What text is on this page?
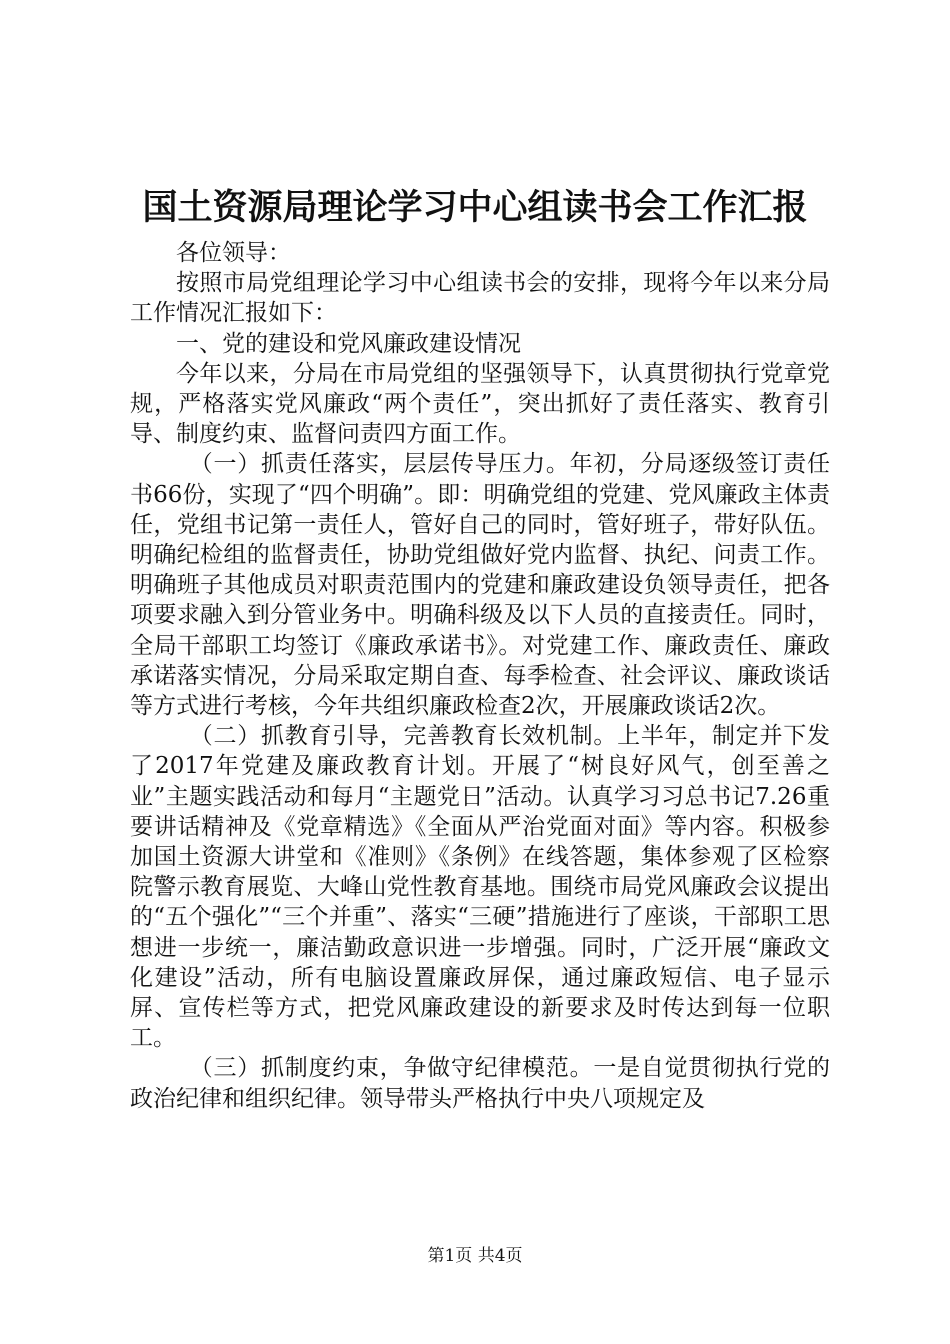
国土资源局理论学习中心组读书会工作汇报

各位领导：

按照市局党组理论学习中心组读书会的安排，现将今年以来分局工作情况汇报如下：

一、党的建设和党风廉政建设情况

今年以来，分局在市局党组的坚强领导下，认真贯彻执行党章党规，严格落实党风廉政“两个责任”，突出抓好了责任落实、教育引导、制度约束、监督问责四方面工作。

（一）抓责任落实，层层传导压力。年初，分局逐级签订责任书66份，实现了“四个明确”。即：明确党组的党建、党风廉政主体责任，党组书记第一责任人，管好自己的同时，管好班子，带好队伍。明确纪检组的监督责任，协助党组做好党内监督、执纪、问责工作。明确班子其他成员对职责范围内的党建和廉政建设负领导责任，把各项要求融入到分管业务中。明确科级及以下人员的直接责任。同时，全局干部职工均签订《廉政承诺书》。对党建工作、廉政责任、廉政承诺落实情况，分局采取定期自查、每季检查、社会评议、廉政谈话等方式进行考核，今年共组织廉政检查2次，开展廉政谈话2次。

（二）抓教育引导，完善教育长效机制。上半年，制定并下发了2017年党建及廉政教育计划。开展了“树良好风气，创至善之业”主题实践活动和每月“主题党日”活动。认真学习习总书记7.26重要讲话精神及《党章精选》《全面从严治党面对面》等内容。积极参加国土资源大讲堂和《准则》《条例》在线答题，集体参观了区检察院警示教育展览、大峰山党性教育基地。围绕市局党风廉政会议提出的“五个强化”“三个并重”、落实“三硬”措施进行了座谈，干部职工思想进一步统一，廉洁勤政意识进一步增强。同时，广泛开展“廉政文化建设”活动，所有电脑设置廉政屏保，通过廉政短信、电子显示屏、宣传栏等方式，把党风廉政建设的新要求及时传达到每一位职工。

（三）抓制度约束，争做守纪律模范。一是自觉贯彻执行党的政治纪律和组织纪律。领导带头严格执行中央八项规定及

第1页 共4页
